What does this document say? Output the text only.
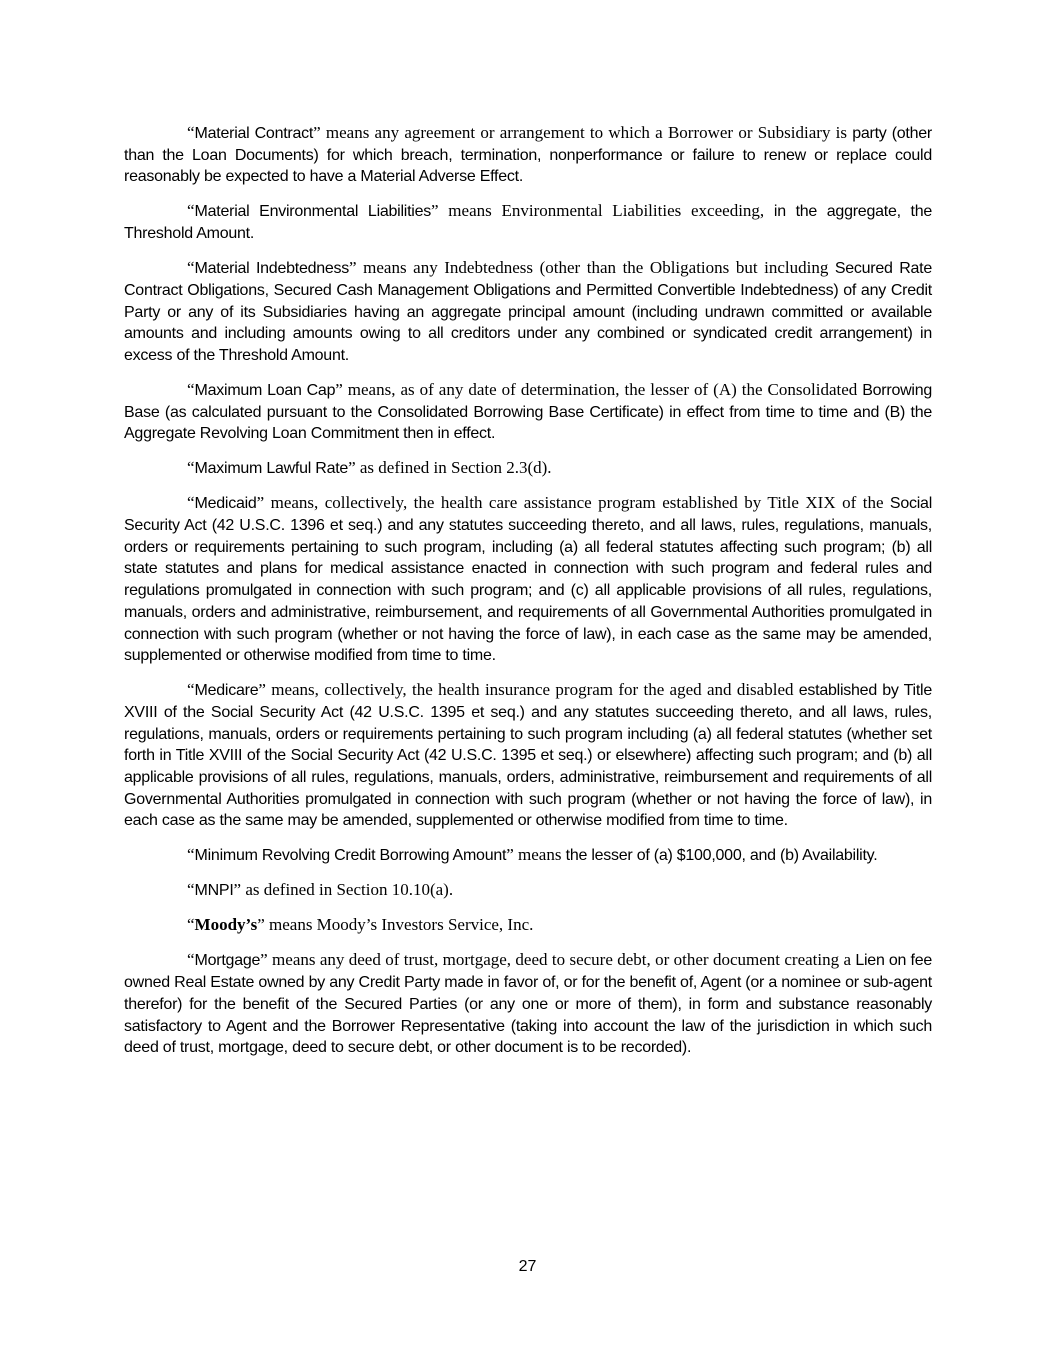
“Material Contract” means any agreement or arrangement to which a Borrower or Subsidiary is party (other than the Loan Documents) for which breach, termination, nonperformance or failure to renew or replace could reasonably be expected to have a Material Adverse Effect.

“Material Environmental Liabilities” means Environmental Liabilities exceeding, in the aggregate, the Threshold Amount.

“Material Indebtedness” means any Indebtedness (other than the Obligations but including Secured Rate Contract Obligations, Secured Cash Management Obligations and Permitted Convertible Indebtedness) of any Credit Party or any of its Subsidiaries having an aggregate principal amount (including undrawn committed or available amounts and including amounts owing to all creditors under any combined or syndicated credit arrangement) in excess of the Threshold Amount.

“Maximum Loan Cap” means, as of any date of determination, the lesser of (A) the Consolidated Borrowing Base (as calculated pursuant to the Consolidated Borrowing Base Certificate) in effect from time to time and (B) the Aggregate Revolving Loan Commitment then in effect.

“Maximum Lawful Rate” as defined in Section 2.3(d).

“Medicaid” means, collectively, the health care assistance program established by Title XIX of the Social Security Act (42 U.S.C. 1396 et seq.) and any statutes succeeding thereto, and all laws, rules, regulations, manuals, orders or requirements pertaining to such program, including (a) all federal statutes affecting such program; (b) all state statutes and plans for medical assistance enacted in connection with such program and federal rules and regulations promulgated in connection with such program; and (c) all applicable provisions of all rules, regulations, manuals, orders and administrative, reimbursement, and requirements of all Governmental Authorities promulgated in connection with such program (whether or not having the force of law), in each case as the same may be amended, supplemented or otherwise modified from time to time.

“Medicare” means, collectively, the health insurance program for the aged and disabled established by Title XVIII of the Social Security Act (42 U.S.C. 1395 et seq.) and any statutes succeeding thereto, and all laws, rules, regulations, manuals, orders or requirements pertaining to such program including (a) all federal statutes (whether set forth in Title XVIII of the Social Security Act (42 U.S.C. 1395 et seq.) or elsewhere) affecting such program; and (b) all applicable provisions of all rules, regulations, manuals, orders, administrative, reimbursement and requirements of all Governmental Authorities promulgated in connection with such program (whether or not having the force of law), in each case as the same may be amended, supplemented or otherwise modified from time to time.

“Minimum Revolving Credit Borrowing Amount” means the lesser of (a) $100,000, and (b) Availability.

“MNPI” as defined in Section 10.10(a).

“Moody’s” means Moody’s Investors Service, Inc.

“Mortgage” means any deed of trust, mortgage, deed to secure debt, or other document creating a Lien on fee owned Real Estate owned by any Credit Party made in favor of, or for the benefit of, Agent (or a nominee or sub-agent therefor) for the benefit of the Secured Parties (or any one or more of them), in form and substance reasonably satisfactory to Agent and the Borrower Representative (taking into account the law of the jurisdiction in which such deed of trust, mortgage, deed to secure debt, or other document is to be recorded).

27
